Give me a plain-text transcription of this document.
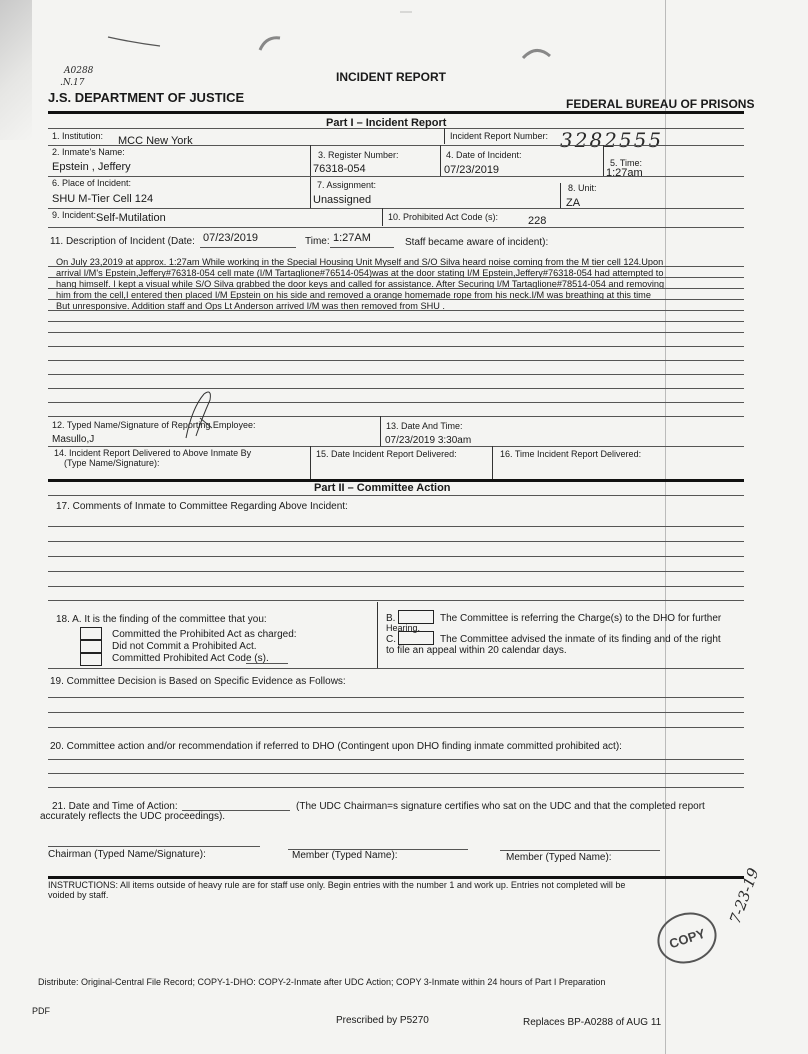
A0288
.N.17	INCIDENT REPORT
J.S. DEPARTMENT OF JUSTICE	FEDERAL BUREAU OF PRISONS
Part I – Incident Report
1. Institution: MCC New York	Incident Report Number: 3282555
2. Inmate's Name:
Epstein , Jeffery
3. Register Number:
76318-054
4. Date of Incident:
07/23/2019
5. Time:
1:27am
6. Place of Incident:
SHU M-Tier Cell 124
7. Assignment:
Unassigned
8. Unit:
ZA
9. Incident: Self-Mutilation	10. Prohibited Act Code (s):	228
11. Description of Incident (Date: 07/23/2019	Time: 1:27AM	Staff became aware of incident):
On July 23,2019 at approx. 1:27am While working in the Special Housing Unit Myself and S/O Silva heard noise coming from the M tier cell 124.Upon
arrival I/M's Epstein,Jeffery#76318-054 cell mate (I/M Tartaglione#76514-054)was at the door stating I/M Epstein,Jeffery#76318-054 had attempted to
hang himself. I kept a visual while S/O Silva grabbed the door keys and called for assistance. After Securing I/M Tartaglione#78514-054 and removing
him from the cell,I entered then placed I/M Epstein on his side and removed a orange homemade rope from his neck.I/M was breathing at this time
But unresponsive. Addition staff and Ops Lt Anderson arrived I/M was then removed from SHU .
12. Typed Name/Signature of Reporting Employee:
Masullo,J
13. Date And Time:
07/23/2019 3:30am
14. Incident Report Delivered to Above Inmate By
(Type Name/Signature):
15. Date Incident Report Delivered:	16. Time Incident Report Delivered:
Part II – Committee Action
17. Comments of Inmate to Committee Regarding Above Incident:
18. A. It is the finding of the committee that you:
Committed the Prohibited Act as charged:
Did not Commit a Prohibited Act.
Committed Prohibited Act Code (s).
B.	The Committee is referring the Charge(s) to the DHO for further
Hearing.
C.	The Committee advised the inmate of its finding and of the right
to file an appeal within 20 calendar days.
19. Committee Decision is Based on Specific Evidence as Follows:
20. Committee action and/or recommendation if referred to DHO (Contingent upon DHO finding inmate committed prohibited act):
21. Date and Time of Action:	(The UDC Chairman=s signature certifies who sat on the UDC and that the completed report
accurately reflects the UDC proceedings).
Chairman (Typed Name/Signature):	Member (Typed Name):	Member (Typed Name):
INSTRUCTIONS: All items outside of heavy rule are for staff use only. Begin entries with the number 1 and work up. Entries not completed will be
voided by staff.
COPY
7-23-19
Distribute: Original-Central File Record; COPY-1-DHO: COPY-2-Inmate after UDC Action; COPY 3-Inmate within 24 hours of Part I Preparation
PDF
Prescribed by P5270	Replaces BP-A0288 of AUG 11
